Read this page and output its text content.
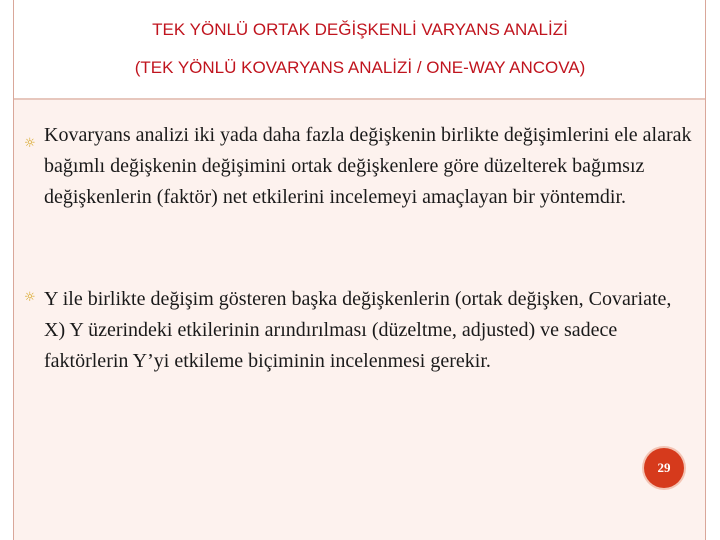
TEK YÖNLÜ ORTAK DEĞİŞKENLİ VARYANS ANALİZİ
(TEK YÖNLÜ KOVARYANS ANALİZİ / ONE-WAY ANCOVA)
☼ Kovaryans analizi iki yada daha fazla değişkenin birlikte değişimlerini ele alarak bağımlı değişkenin değişimini ortak değişkenlere göre düzelterek bağımsız değişkenlerin (faktör) net etkilerini incelemeyi amaçlayan bir yöntemdir.
☼ Y ile birlikte değişim gösteren başka değişkenlerin (ortak değişken, Covariate, X) Y üzerindeki etkilerinin arındırılması (düzeltme, adjusted) ve sadece faktörlerin Y’yi etkileme biçiminin incelenmesi gerekir.
29
